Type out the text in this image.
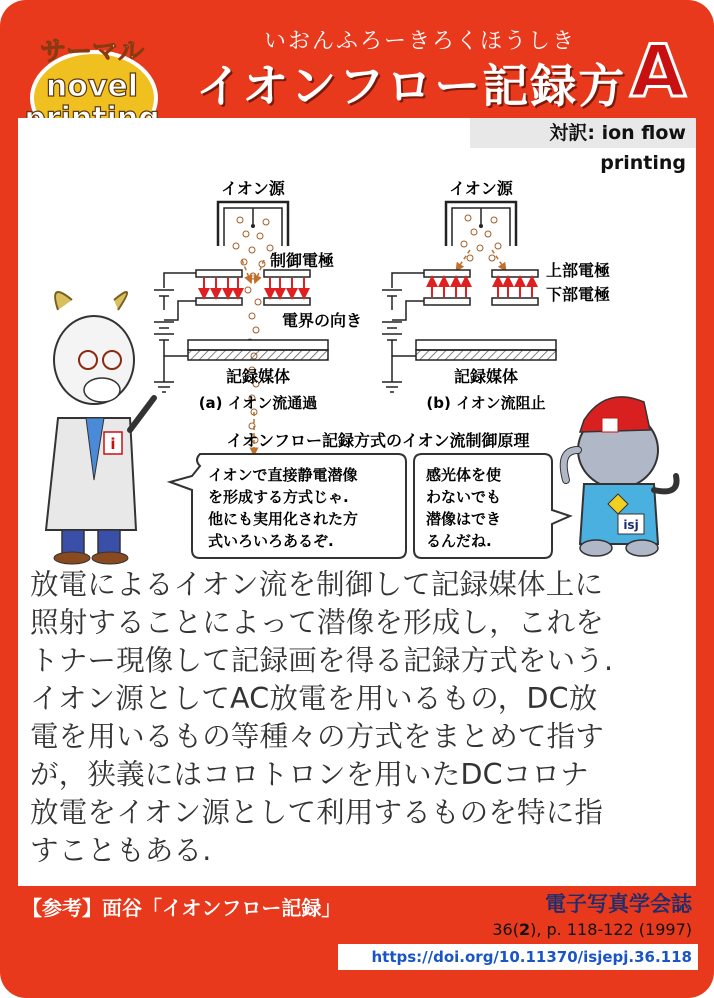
いおんふろーきろくほうしき
イオンフロー記録方 A
サーマル
novel
対訳: ion flow printing
イオン源
制御電極
電界の向き
記録媒体
(a) イオン流通過
イオン源
上部電極
下部電極
記録媒体
(b) イオン流阻止
イオンフロー記録方式のイオン流制御原理
i
isj
イオンで直接静電潜像
を形成する方式じゃ.
他にも実用化された方
式いろいろあるぞ.
感光体を使
わないでも
潜像はでき
るんだね.
放電によるイオン流を制御して記録媒体上に
照射することによって潜像を形成し，これを
トナー現像して記録画を得る記録方式をいう.
イオン源としてAC放電を用いるもの，DC放
電を用いるもの等種々の方式をまとめて指す
が，狭義にはコロトロンを用いたDCコロナ
放電をイオン源として利用するものを特に指
すこともある.
【参考】面谷「イオンフロー記録」	電子写真学会誌
36(2), p. 118-122 (1997)
https://doi.org/10.11370/isjepj.36.118
